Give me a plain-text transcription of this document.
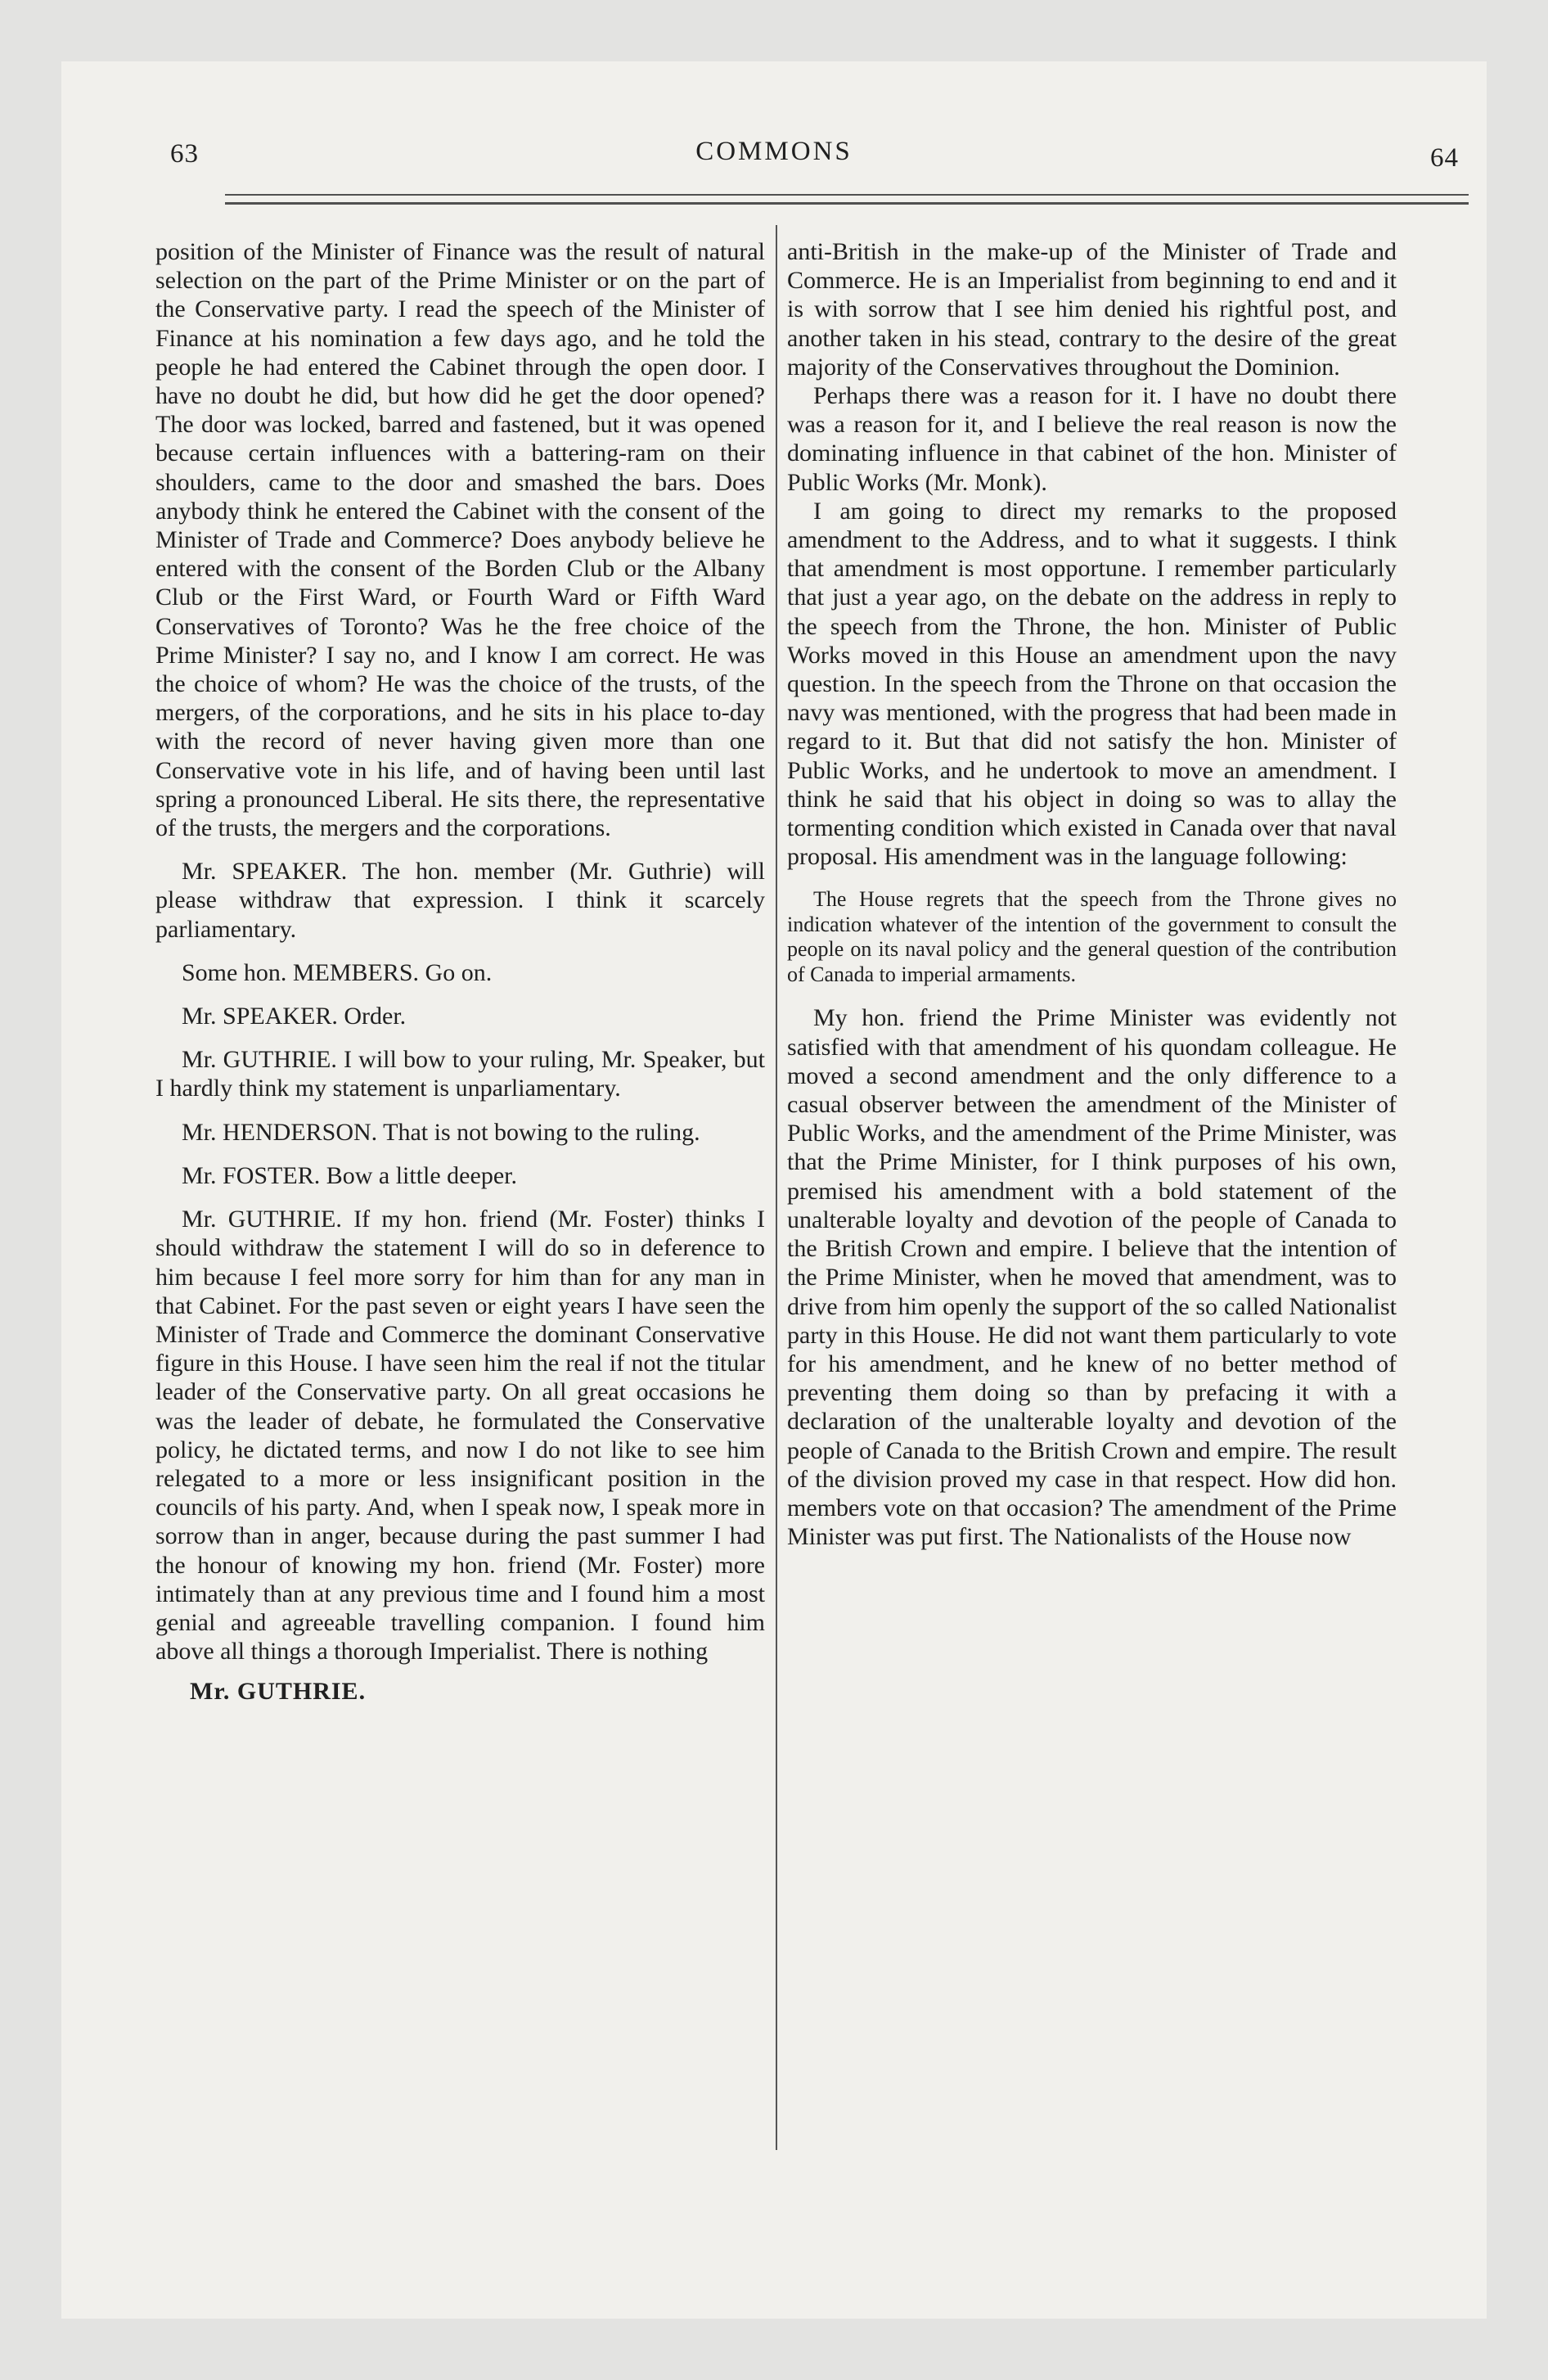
63	COMMONS	64

position of the Minister of Finance was the result of natural selection on the part of the Prime Minister or on the part of the Conservative party. I read the speech of the Minister of Finance at his nomination a few days ago, and he told the people he had entered the Cabinet through the open door. I have no doubt he did, but how did he get the door opened? The door was locked, barred and fastened, but it was opened because certain influences with a battering-ram on their shoulders, came to the door and smashed the bars. Does anybody think he entered the Cabinet with the consent of the Minister of Trade and Commerce? Does anybody believe he entered with the consent of the Borden Club or the Albany Club or the First Ward, or Fourth Ward or Fifth Ward Conservatives of Toronto? Was he the free choice of the Prime Minister? I say no, and I know I am correct. He was the choice of whom? He was the choice of the trusts, of the mergers, of the corporations, and he sits in his place to-day with the record of never having given more than one Conservative vote in his life, and of having been until last spring a pronounced Liberal. He sits there, the representative of the trusts, the mergers and the corporations.

Mr. SPEAKER. The hon. member (Mr. Guthrie) will please withdraw that expression. I think it scarcely parliamentary.

Some hon. MEMBERS. Go on.

Mr. SPEAKER. Order.

Mr. GUTHRIE. I will bow to your ruling, Mr. Speaker, but I hardly think my statement is unparliamentary.

Mr. HENDERSON. That is not bowing to the ruling.

Mr. FOSTER. Bow a little deeper.

Mr. GUTHRIE. If my hon. friend (Mr. Foster) thinks I should withdraw the statement I will do so in deference to him because I feel more sorry for him than for any man in that Cabinet. For the past seven or eight years I have seen the Minister of Trade and Commerce the dominant Conservative figure in this House. I have seen him the real if not the titular leader of the Conservative party. On all great occasions he was the leader of debate, he formulated the Conservative policy, he dictated terms, and now I do not like to see him relegated to a more or less insignificant position in the councils of his party. And, when I speak now, I speak more in sorrow than in anger, because during the past summer I had the honour of knowing my hon. friend (Mr. Foster) more intimately than at any previous time and I found him a most genial and agreeable travelling companion. I found him above all things a thorough Imperialist. There is nothing

Mr. GUTHRIE.

anti-British in the make-up of the Minister of Trade and Commerce. He is an Imperialist from beginning to end and it is with sorrow that I see him denied his rightful post, and another taken in his stead, contrary to the desire of the great majority of the Conservatives throughout the Dominion.

Perhaps there was a reason for it. I have no doubt there was a reason for it, and I believe the real reason is now the dominating influence in that cabinet of the hon. Minister of Public Works (Mr. Monk).

I am going to direct my remarks to the proposed amendment to the Address, and to what it suggests. I think that amendment is most opportune. I remember particularly that just a year ago, on the debate on the address in reply to the speech from the Throne, the hon. Minister of Public Works moved in this House an amendment upon the navy question. In the speech from the Throne on that occasion the navy was mentioned, with the progress that had been made in regard to it. But that did not satisfy the hon. Minister of Public Works, and he undertook to move an amendment. I think he said that his object in doing so was to allay the tormenting condition which existed in Canada over that naval proposal. His amendment was in the language following:

The House regrets that the speech from the Throne gives no indication whatever of the intention of the government to consult the people on its naval policy and the general question of the contribution of Canada to imperial armaments.

My hon. friend the Prime Minister was evidently not satisfied with that amendment of his quondam colleague. He moved a second amendment and the only difference to a casual observer between the amendment of the Minister of Public Works, and the amendment of the Prime Minister, was that the Prime Minister, for I think purposes of his own, premised his amendment with a bold statement of the unalterable loyalty and devotion of the people of Canada to the British Crown and empire. I believe that the intention of the Prime Minister, when he moved that amendment, was to drive from him openly the support of the so called Nationalist party in this House. He did not want them particularly to vote for his amendment, and he knew of no better method of preventing them doing so than by prefacing it with a declaration of the unalterable loyalty and devotion of the people of Canada to the British Crown and empire. The result of the division proved my case in that respect. How did hon. members vote on that occasion? The amendment of the Prime Minister was put first. The Nationalists of the House now
